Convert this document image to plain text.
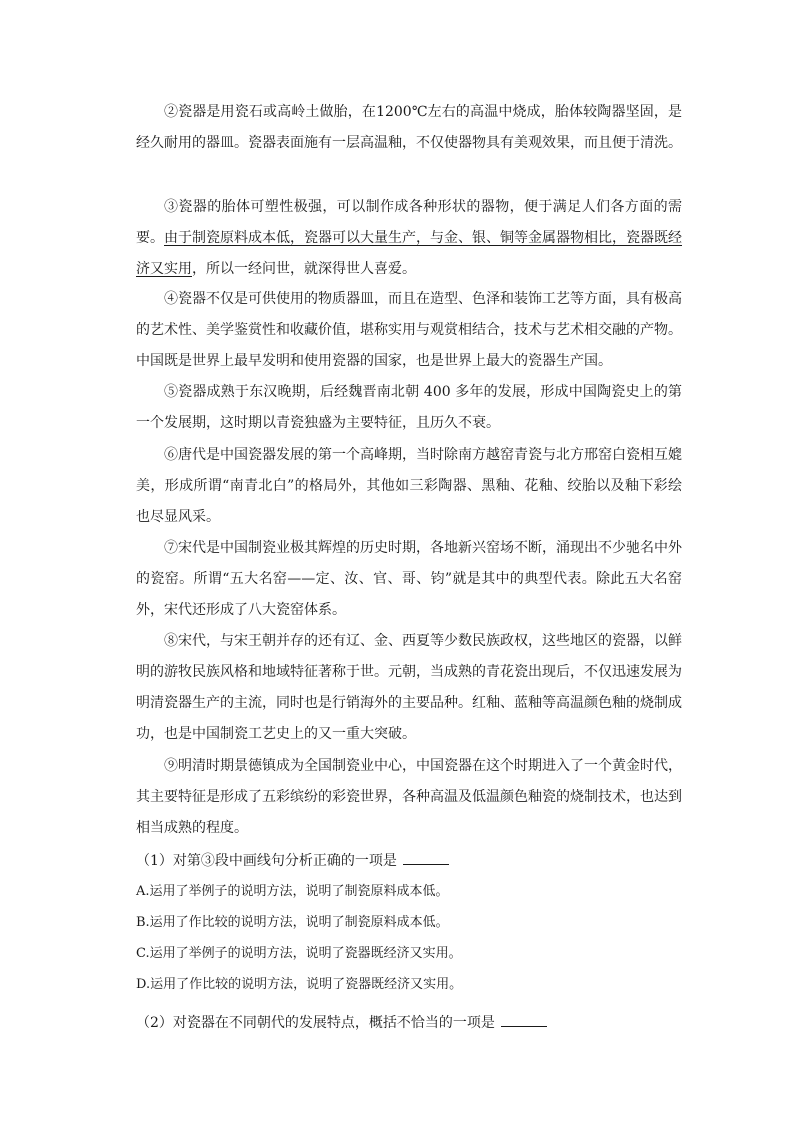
②瓷器是用瓷石或高岭土做胎，在1200℃左右的高温中烧成，胎体较陶器坚固，是经久耐用的器皿。瓷器表面施有一层高温釉，不仅使器物具有美观效果，而且便于清洗。

③瓷器的胎体可塑性极强，可以制作成各种形状的器物，便于满足人们各方面的需要。由于制瓷原料成本低，瓷器可以大量生产，与金、银、铜等金属器物相比，瓷器既经济又实用，所以一经问世，就深得世人喜爱。

④瓷器不仅是可供使用的物质器皿，而且在造型、色泽和装饰工艺等方面，具有极高的艺术性、美学鉴赏性和收藏价值，堪称实用与观赏相结合，技术与艺术相交融的产物。中国既是世界上最早发明和使用瓷器的国家，也是世界上最大的瓷器生产国。

⑤瓷器成熟于东汉晚期，后经魏晋南北朝 400 多年的发展，形成中国陶瓷史上的第一个发展期，这时期以青瓷独盛为主要特征，且历久不衰。

⑥唐代是中国瓷器发展的第一个高峰期，当时除南方越窑青瓷与北方邢窑白瓷相互媲美，形成所谓“南青北白”的格局外，其他如三彩陶器、黑釉、花釉、绞胎以及釉下彩绘也尽显风采。

⑦宋代是中国制瓷业极其辉煌的历史时期，各地新兴窑场不断，涌现出不少驰名中外的瓷窑。所谓“五大名窑——定、汝、官、哥、钧”就是其中的典型代表。除此五大名窑外，宋代还形成了八大瓷窑体系。

⑧宋代，与宋王朝并存的还有辽、金、西夏等少数民族政权，这些地区的瓷器，以鲜明的游牧民族风格和地域特征著称于世。元朝，当成熟的青花瓷出现后，不仅迅速发展为明清瓷器生产的主流，同时也是行销海外的主要品种。红釉、蓝釉等高温颜色釉的烧制成功，也是中国制瓷工艺史上的又一重大突破。

⑨明清时期景德镇成为全国制瓷业中心，中国瓷器在这个时期进入了一个黄金时代，其主要特征是形成了五彩缤纷的彩瓷世界，各种高温及低温颜色釉瓷的烧制技术，也达到相当成熟的程度。

（1）对第③段中画线句分析正确的一项是

A.运用了举例子的说明方法，说明了制瓷原料成本低。

B.运用了作比较的说明方法，说明了制瓷原料成本低。

C.运用了举例子的说明方法，说明了瓷器既经济又实用。

D.运用了作比较的说明方法，说明了瓷器既经济又实用。

（2）对瓷器在不同朝代的发展特点，概括不恰当的一项是
